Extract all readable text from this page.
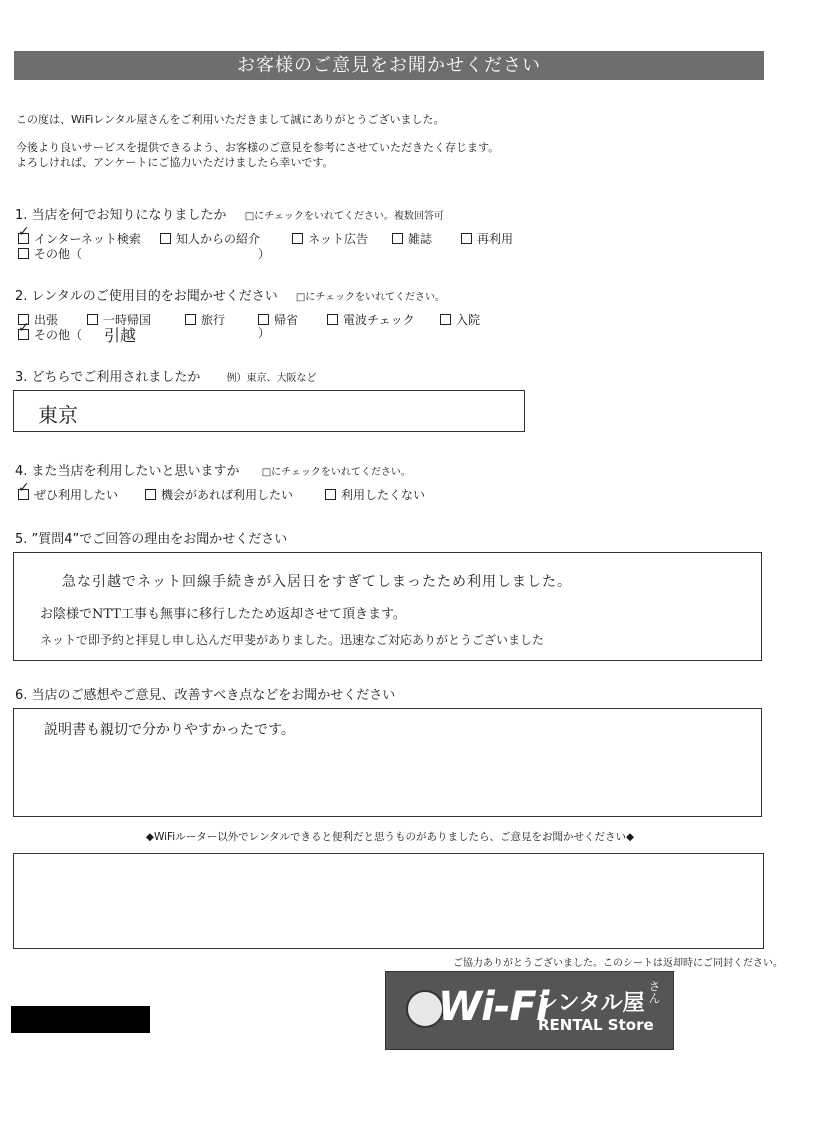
お客様のご意見をお聞かせください
この度は、WiFiレンタル屋さんをご利用いただきまして誠にありがとうございました。
今後より良いサービスを提供できるよう、お客様のご意見を参考にさせていただきたく存じます。
よろしければ、アンケートにご協力いただけましたら幸いです。
1. 当店を何でお知りになりましたか □にチェックをいれてください。複数回答可
✓
インターネット検索	知人からの紹介	ネット広告	雑誌	再利用
その他（	）
2. レンタルのご使用目的をお聞かせください □にチェックをいれてください。
出張	一時帰国	旅行	帰省	電波チェック	入院
✓
その他（ 引越	）
3. どちらでご利用されましたか	例）東京、大阪など
東京
4. また当店を利用したいと思いますか □にチェックをいれてください。
✓
ぜひ利用したい	機会があれば利用したい	利用したくない
5. ”質問4”でご回答の理由をお聞かせください
急な引越でネット回線手続きが入居日をすぎてしまったため利用しました。
お陰様でNTT工事も無事に移行したため返却させて頂きます。
ネットで即予約と拝見し申し込んだ甲斐がありました。迅速なご対応ありがとうございました
6. 当店のご感想やご意見、改善すべき点などをお聞かせください
説明書も親切で分かりやすかったです。
◆WiFiルーター以外でレンタルできると便利だと思うものがありましたら、ご意見をお聞かせください◆
ご協力ありがとうございました。このシートは返却時にご同封ください。
Wi-Fi
レンタル屋 さん
RENTAL Store
